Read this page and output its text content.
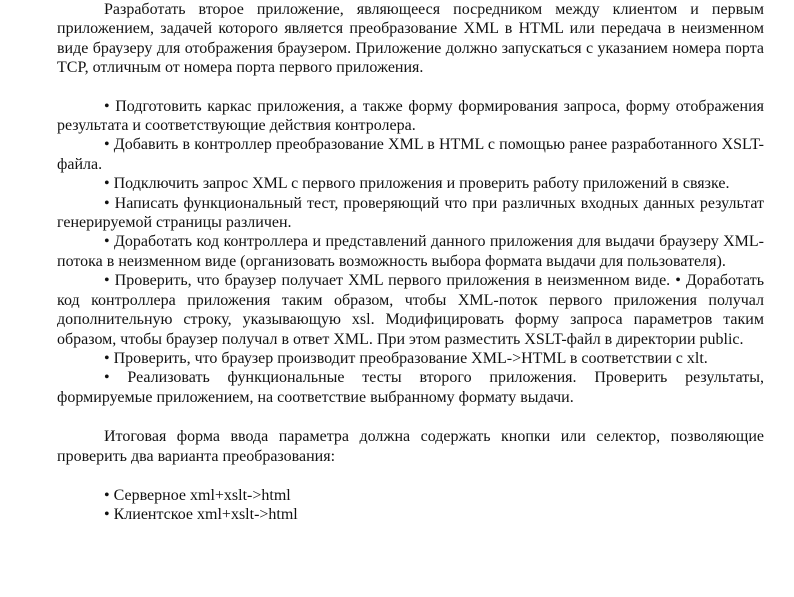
Разработать второе приложение, являющееся посредником между клиентом и первым приложением, задачей которого является преобразование XML в HTML или передача в неизменном виде браузеру для отображения браузером. Приложение должно запускаться с указанием номера порта TCP, отличным от номера порта первого приложения.

• Подготовить каркас приложения, а также форму формирования запроса, форму отображения результата и соответствующие действия контролера.

• Добавить в контроллер преобразование XML в HTML с помощью ранее разработанного XSLT-файла.

• Подключить запрос XML с первого приложения и проверить работу приложений в связке.

• Написать функциональный тест, проверяющий что при различных входных данных результат генерируемой страницы различен.

• Доработать код контроллера и представлений данного приложения для выдачи браузеру XML-потока в неизменном виде (организовать возможность выбора формата выдачи для пользователя).

• Проверить, что браузер получает XML первого приложения в неизменном виде. • Доработать код контроллера приложения таким образом, чтобы XML-поток первого приложения получал дополнительную строку, указывающую xsl. Модифицировать форму запроса параметров таким образом, чтобы браузер получал в ответ XML. При этом разместить XSLT-файл в директории public.

• Проверить, что браузер производит преобразование XML->HTML в соответствии с xlt.

• Реализовать функциональные тесты второго приложения. Проверить результаты, формируемые приложением, на соответствие выбранному формату выдачи.

Итоговая форма ввода параметра должна содержать кнопки или селектор, позволяющие проверить два варианта преобразования:

• Серверное xml+xslt->html

• Клиентское xml+xslt->html
